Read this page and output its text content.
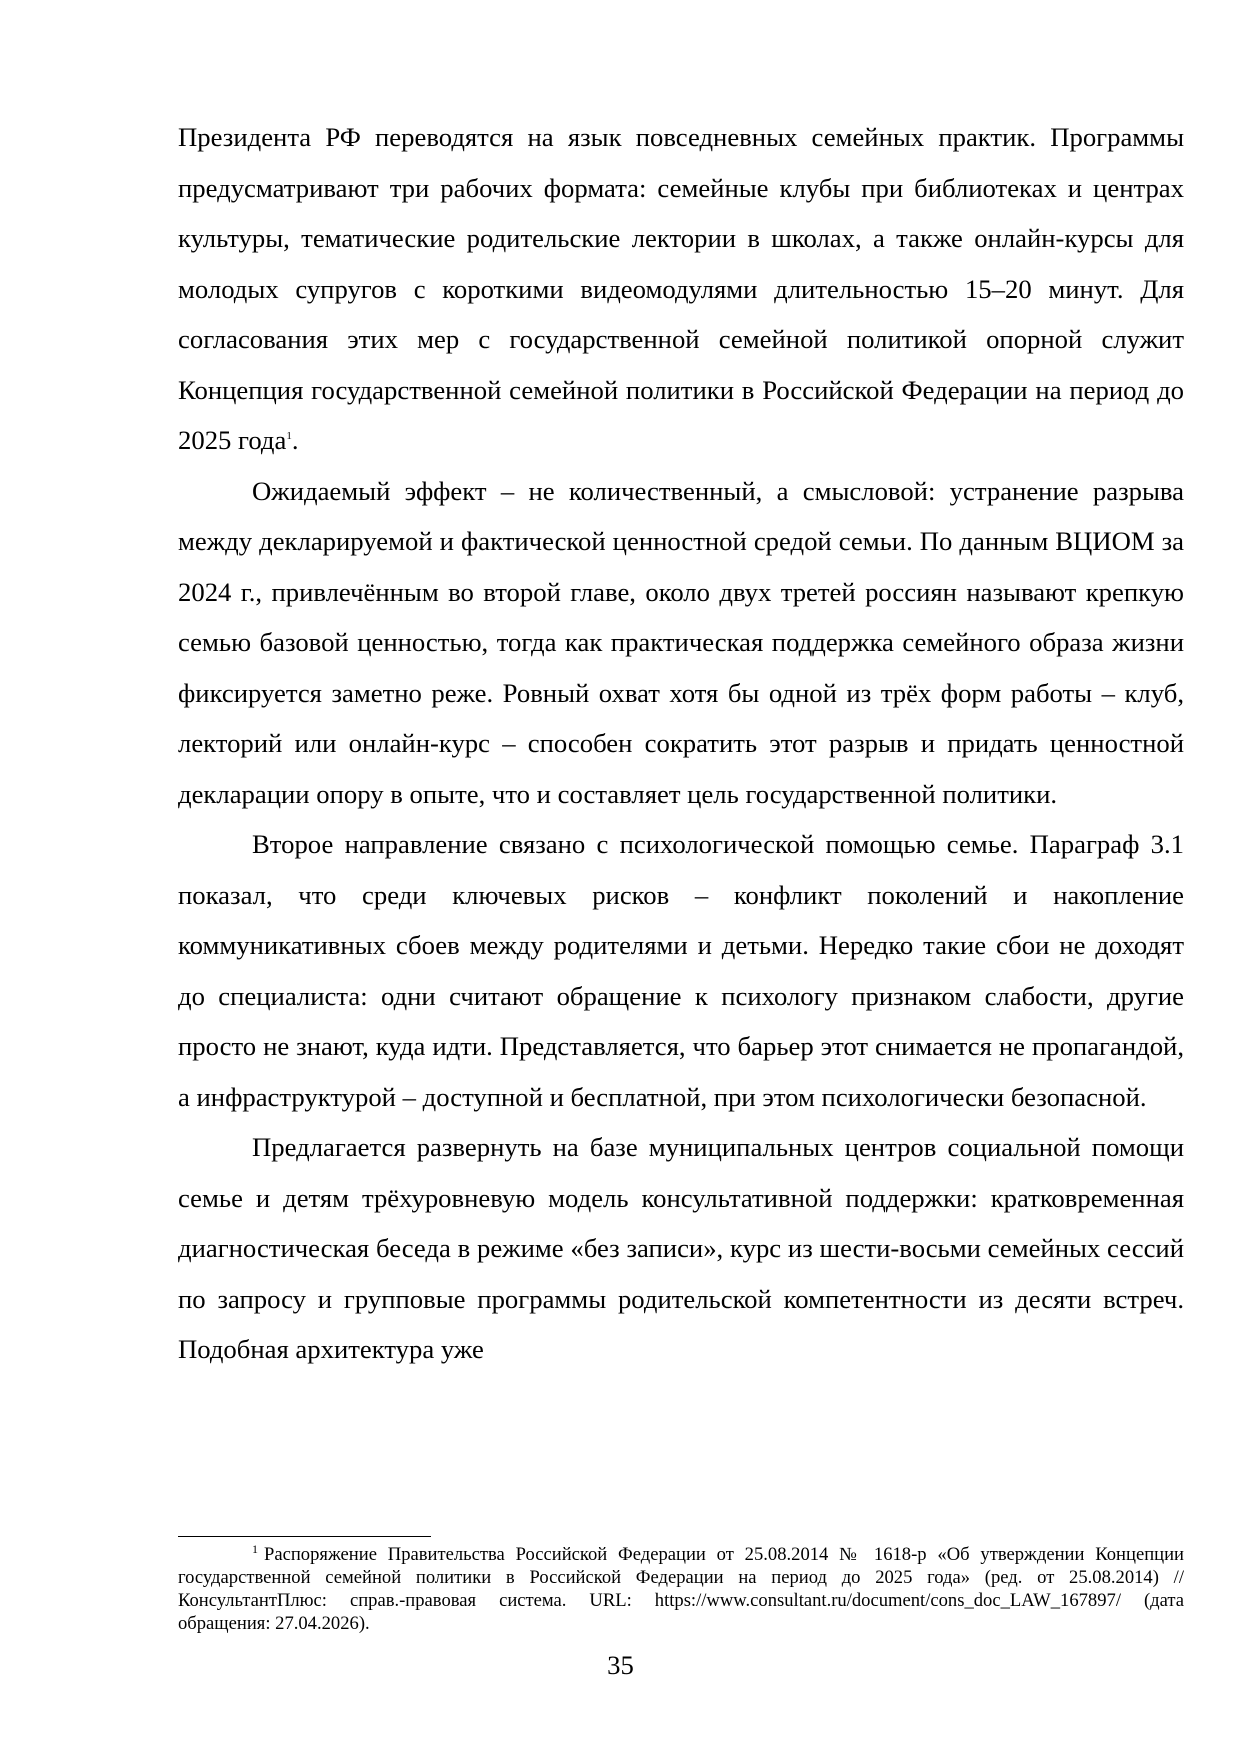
Президента РФ переводятся на язык повседневных семейных практик. Программы предусматривают три рабочих формата: семейные клубы при библиотеках и центрах культуры, тематические родительские лектории в школах, а также онлайн-курсы для молодых супругов с короткими видеомодулями длительностью 15–20 минут. Для согласования этих мер с государственной семейной политикой опорной служит Концепция государственной семейной политики в Российской Федерации на период до 2025 года$^1$.

Ожидаемый эффект – не количественный, а смысловой: устранение разрыва между декларируемой и фактической ценностной средой семьи. По данным ВЦИОМ за 2024 г., привлечённым во второй главе, около двух третей россиян называют крепкую семью базовой ценностью, тогда как практическая поддержка семейного образа жизни фиксируется заметно реже. Ровный охват хотя бы одной из трёх форм работы – клуб, лекторий или онлайн-курс – способен сократить этот разрыв и придать ценностной декларации опору в опыте, что и составляет цель государственной политики.

Второе направление связано с психологической помощью семье. Параграф 3.1 показал, что среди ключевых рисков – конфликт поколений и накопление коммуникативных сбоев между родителями и детьми. Нередко такие сбои не доходят до специалиста: одни считают обращение к психологу признаком слабости, другие просто не знают, куда идти. Представляется, что барьер этот снимается не пропагандой, а инфраструктурой – доступной и бесплатной, при этом психологически безопасной.

Предлагается развернуть на базе муниципальных центров социальной помощи семье и детям трёхуровневую модель консультативной поддержки: кратковременная диагностическая беседа в режиме «без записи», курс из шести-восьми семейных сессий по запросу и групповые программы родительской компетентности из десяти встреч. Подобная архитектура уже

$^1$ Распоряжение Правительства Российской Федерации от 25.08.2014 № 1618-р «Об утверждении Концепции государственной семейной политики в Российской Федерации на период до 2025 года» (ред. от 25.08.2014) // КонсультантПлюс: справ.-правовая система. URL: https://www.consultant.ru/document/cons_doc_LAW_167897/ (дата обращения: 27.04.2026).

35
